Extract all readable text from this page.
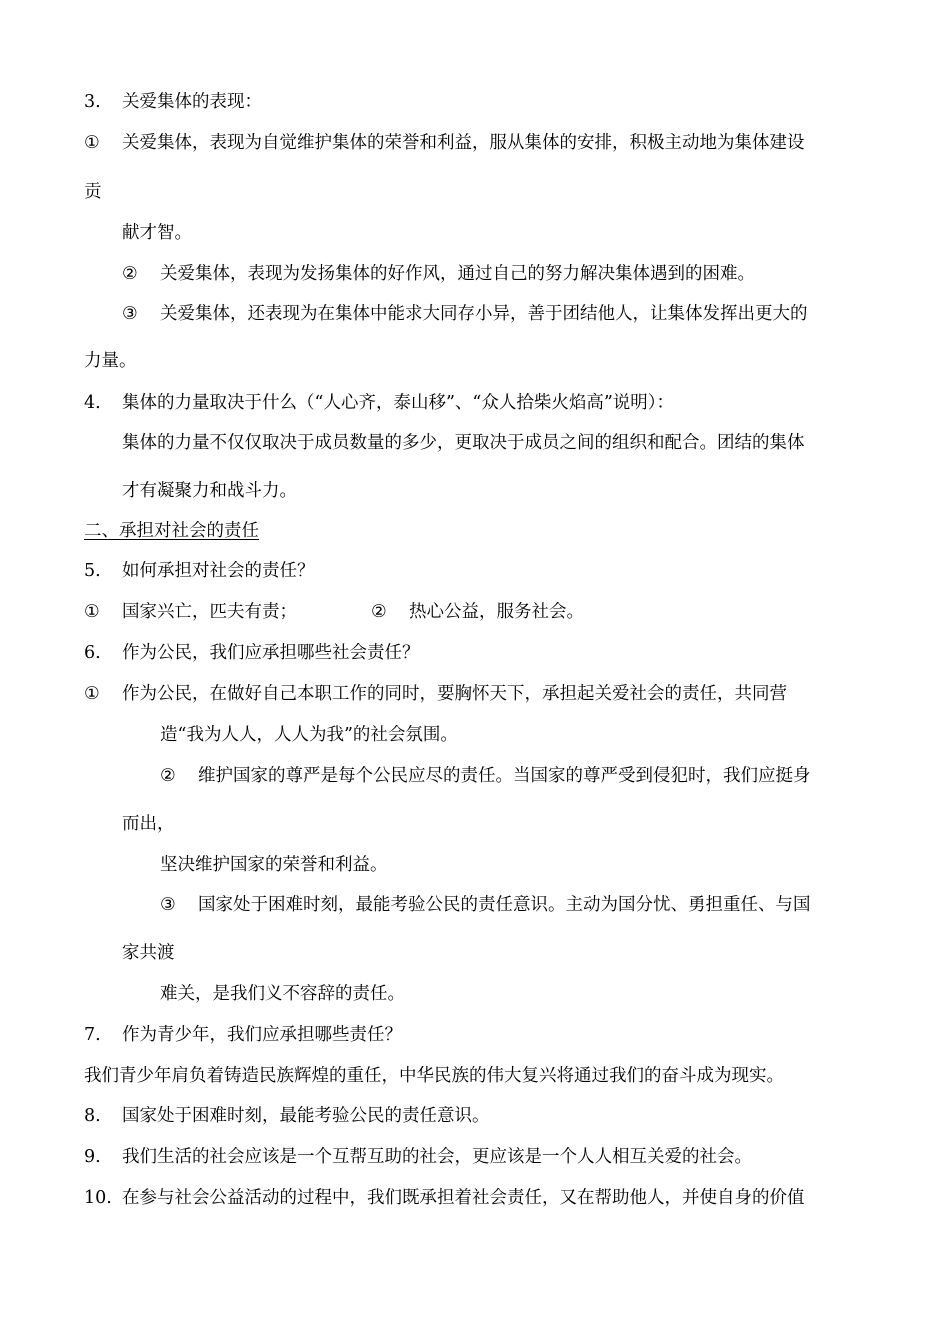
3. 关爱集体的表现：
① 关爱集体，表现为自觉维护集体的荣誉和利益，服从集体的安排，积极主动地为集体建设
贡
献才智。
② 关爱集体，表现为发扬集体的好作风，通过自己的努力解决集体遇到的困难。
③ 关爱集体，还表现为在集体中能求大同存小异，善于团结他人，让集体发挥出更大的
力量。
4. 集体的力量取决于什么（“人心齐，泰山移”、“众人拾柴火焰高”说明）：
集体的力量不仅仅取决于成员数量的多少，更取决于成员之间的组织和配合。团结的集体
才有凝聚力和战斗力。
二、承担对社会的责任
5. 如何承担对社会的责任？
① 国家兴亡，匹夫有责；	② 热心公益，服务社会。
6. 作为公民，我们应承担哪些社会责任？
① 作为公民，在做好自己本职工作的同时，要胸怀天下，承担起关爱社会的责任，共同营
造“我为人人，人人为我”的社会氛围。
② 维护国家的尊严是每个公民应尽的责任。当国家的尊严受到侵犯时，我们应挺身
而出，
坚决维护国家的荣誉和利益。
③ 国家处于困难时刻，最能考验公民的责任意识。主动为国分忧、勇担重任、与国
家共渡
难关，是我们义不容辞的责任。
7. 作为青少年，我们应承担哪些责任？
我们青少年肩负着铸造民族辉煌的重任，中华民族的伟大复兴将通过我们的奋斗成为现实。
8. 国家处于困难时刻，最能考验公民的责任意识。
9. 我们生活的社会应该是一个互帮互助的社会，更应该是一个人人相互关爱的社会。
10. 在参与社会公益活动的过程中，我们既承担着社会责任，又在帮助他人，并使自身的价值
